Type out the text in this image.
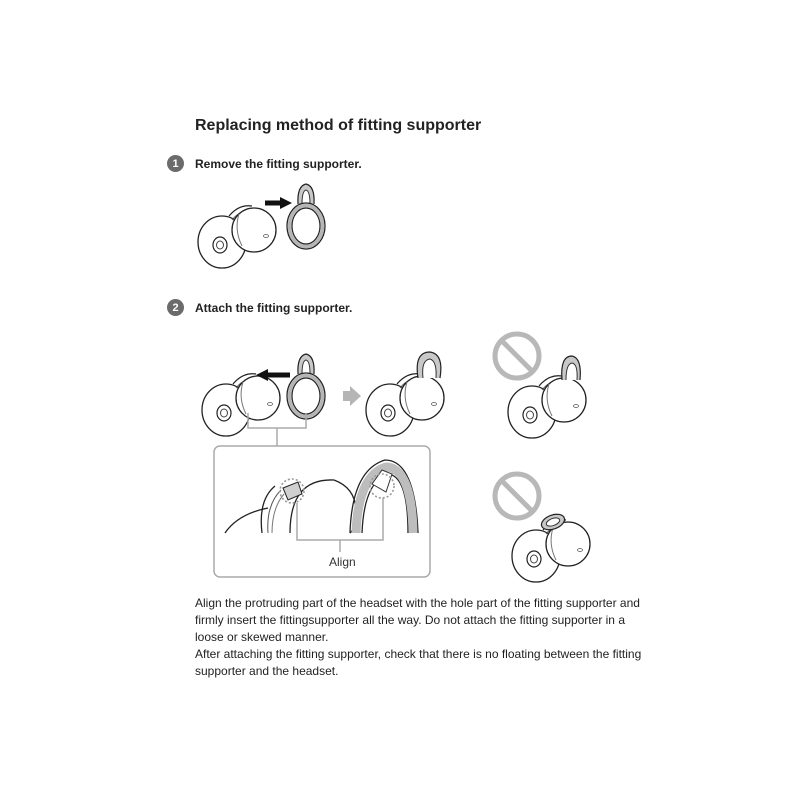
Replacing method of fitting supporter
1	Remove the fitting supporter.
2	Attach the fitting supporter.
Align

Align the protruding part of the headset with the hole part of the fitting supporter and firmly insert the fittingsupporter all the way. Do not attach the fitting supporter in a loose or skewed manner.

After attaching the fitting supporter, check that there is no floating between the fitting supporter and the headset.
